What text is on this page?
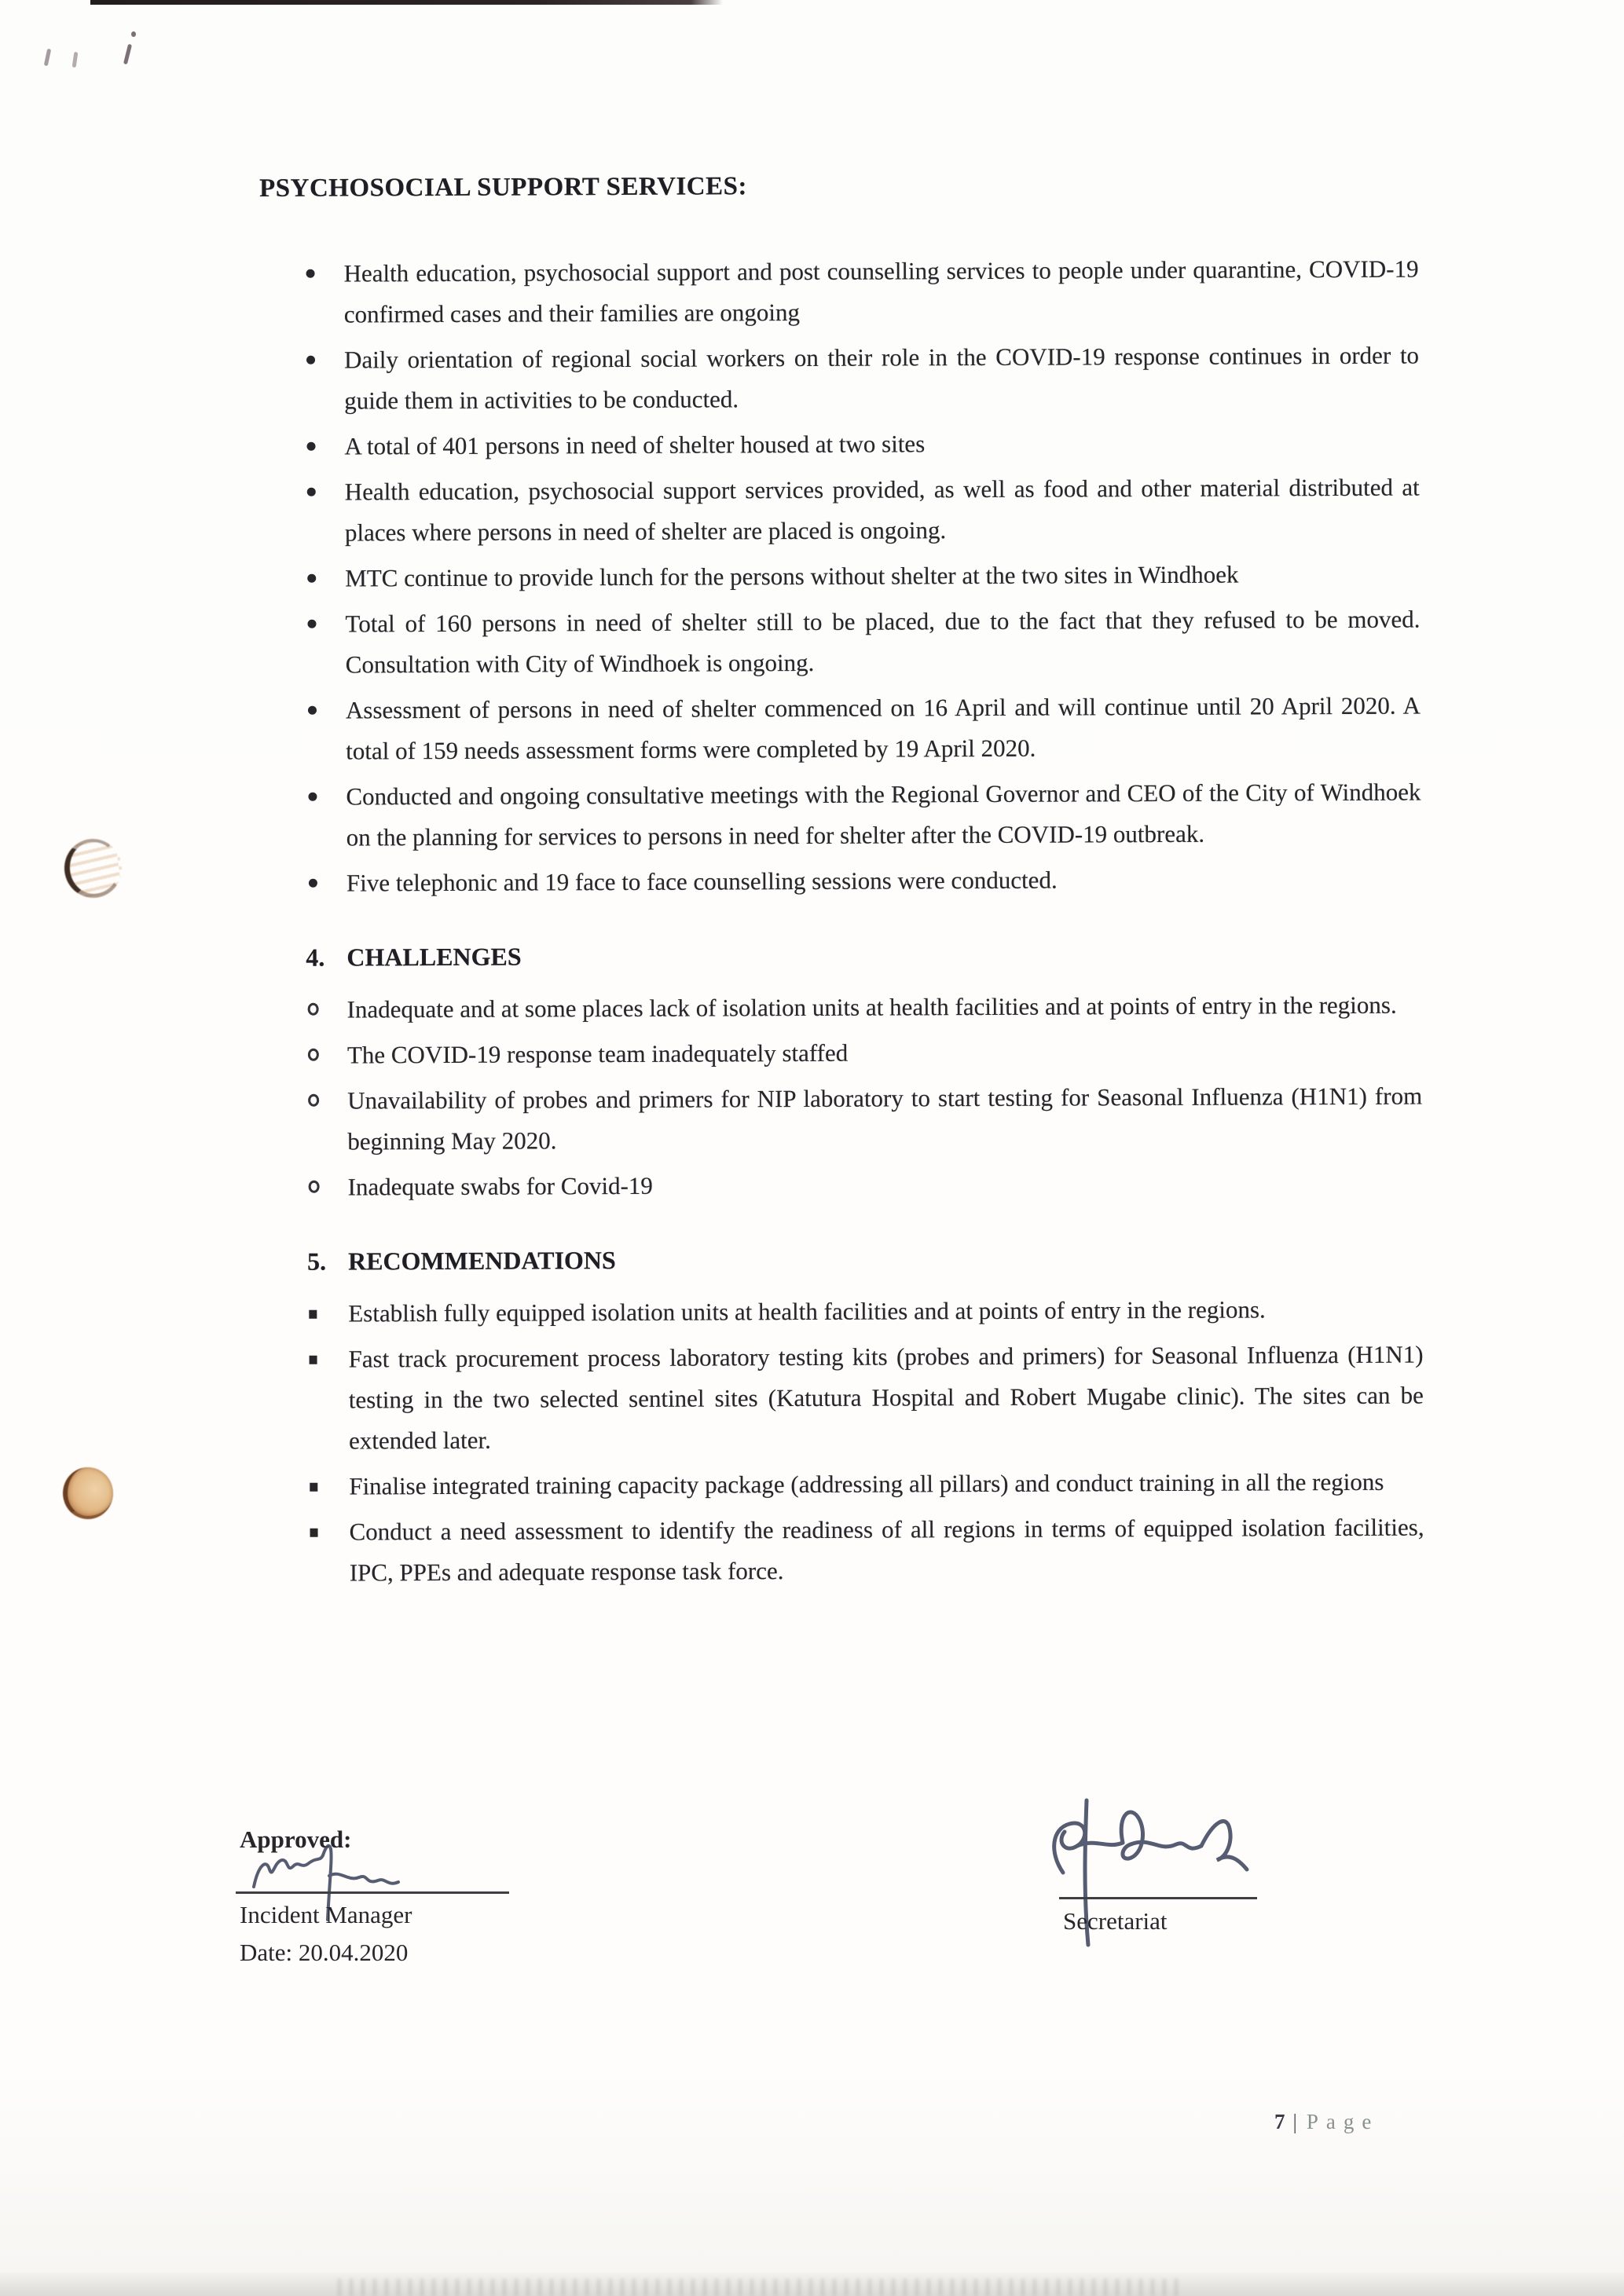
PSYCHOSOCIAL SUPPORT SERVICES:
Health education, psychosocial support and post counselling services to people under quarantine, COVID-19 confirmed cases and their families are ongoing
Daily orientation of regional social workers on their role in the COVID-19 response continues in order to guide them in activities to be conducted.
A total of 401 persons in need of shelter housed at two sites
Health education, psychosocial support services provided, as well as food and other material distributed at places where persons in need of shelter are placed is ongoing.
MTC continue to provide lunch for the persons without shelter at the two sites in Windhoek
Total of 160 persons in need of shelter still to be placed, due to the fact that they refused to be moved. Consultation with City of Windhoek is ongoing.
Assessment of persons in need of shelter commenced on 16 April and will continue until 20 April 2020. A total of 159 needs assessment forms were completed by 19 April 2020.
Conducted and ongoing consultative meetings with the Regional Governor and CEO of the City of Windhoek on the planning for services to persons in need for shelter after the COVID-19 outbreak.
Five telephonic and 19 face to face counselling sessions were conducted.
4. CHALLENGES
Inadequate and at some places lack of isolation units at health facilities and at points of entry in the regions.
The COVID-19 response team inadequately staffed
Unavailability of probes and primers for NIP laboratory to start testing for Seasonal Influenza (H1N1) from beginning May 2020.
Inadequate swabs for Covid-19
5. RECOMMENDATIONS
Establish fully equipped isolation units at health facilities and at points of entry in the regions.
Fast track procurement process laboratory testing kits (probes and primers) for Seasonal Influenza (H1N1) testing in the two selected sentinel sites (Katutura Hospital and Robert Mugabe clinic). The sites can be extended later.
Finalise integrated training capacity package (addressing all pillars) and conduct training in all the regions
Conduct a need assessment to identify the readiness of all regions in terms of equipped isolation facilities, IPC, PPEs and adequate response task force.
Approved:
Incident Manager
Date: 20.04.2020
Secretariat
7 | Page
